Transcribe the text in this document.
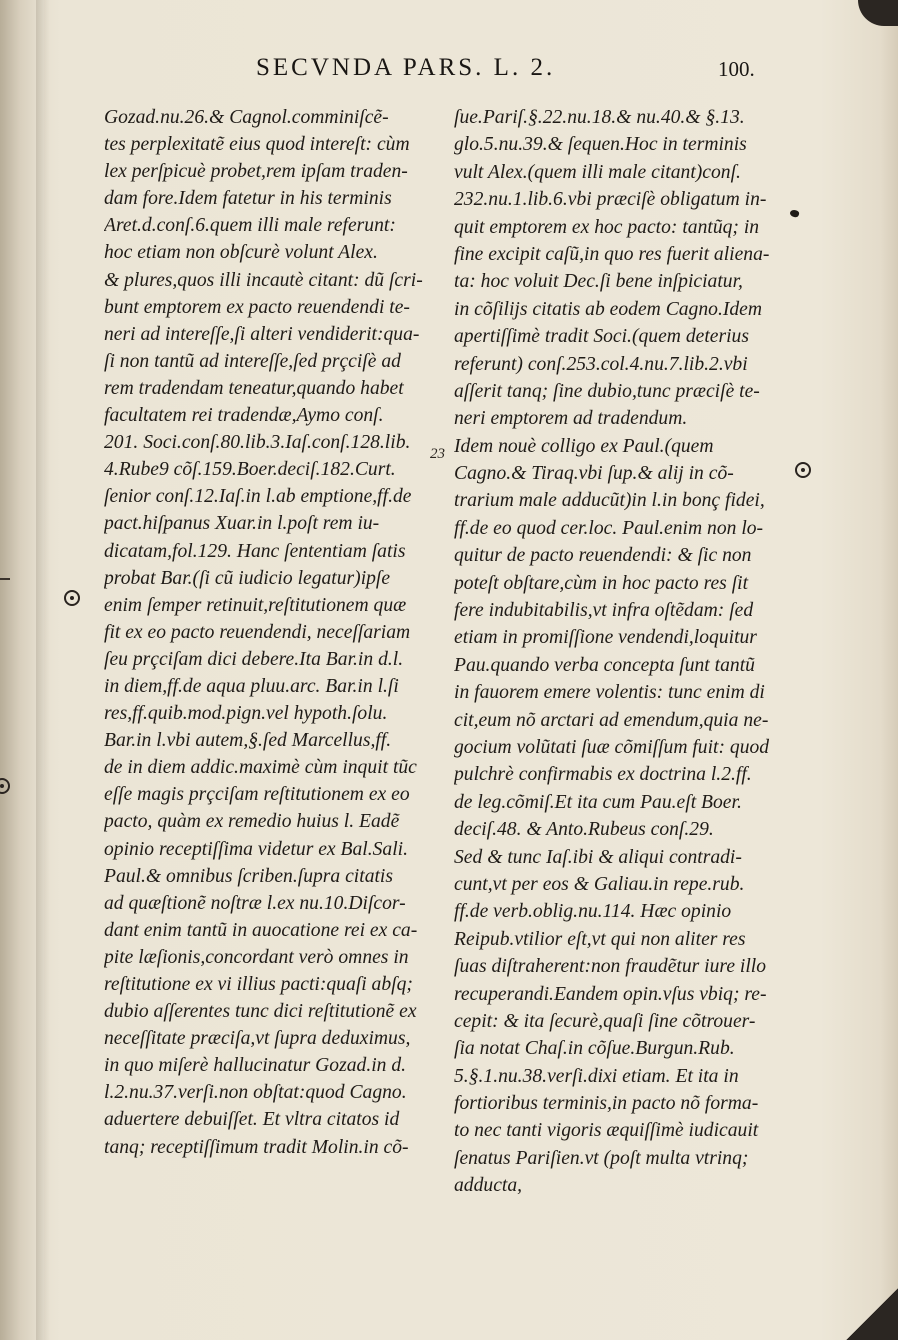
SECVNDA PARS. L. 2.	100.
Gozad.nu.26.& Cagnol.comminiſcẽ-
tes perplexitatẽ eius quod intereſt: cùm
lex perſpicuè probet,rem ipſam traden-
dam fore.Idem fatetur in his terminis
Aret.d.conſ.6.quem illi male referunt:
hoc etiam non obſcurè volunt Alex.
& plures,quos illi incautè citant: dũ ſcri-
bunt emptorem ex pacto reuendendi te-
neri ad intereſſe,ſi alteri vendiderit:qua-
ſi non tantũ ad intereſſe,ſed prçciſè ad
rem tradendam teneatur,quando habet
facultatem rei tradendæ,Aymo conſ.
201. Soci.conſ.80.lib.3.Iaſ.conſ.128.lib.
4.Rube9 cõſ.159.Boer.deciſ.182.Curt.
ſenior conſ.12.Iaſ.in l.ab emptione,ff.de
pact.hiſpanus Xuar.in l.poſt rem iu-
dicatam,fol.129. Hanc ſententiam ſatis
probat Bar.(ſi cũ iudicio legatur)ipſe
enim ſemper retinuit,reſtitutionem quæ
fit ex eo pacto reuendendi, neceſſariam
ſeu prçciſam dici debere.Ita Bar.in d.l.
in diem,ff.de aqua pluu.arc. Bar.in l.ſi
res,ff.quib.mod.pign.vel hypoth.ſolu.
Bar.in l.vbi autem,§.ſed Marcellus,ff.
de in diem addic.maximè cùm inquit tũc
eſſe magis prçciſam reſtitutionem ex eo
pacto, quàm ex remedio huius l. Eadẽ
opinio receptiſſima videtur ex Bal.Sali.
Paul.& omnibus ſcriben.ſupra citatis
ad quæſtionẽ noſtræ l.ex nu.10.Diſcor-
dant enim tantũ in auocatione rei ex ca-
pite læſionis,concordant verò omnes in
reſtitutione ex vi illius pacti:quaſi abſq;
dubio aſſerentes tunc dici reſtitutionẽ ex
neceſſitate præciſa,vt ſupra deduximus,
in quo miſerè hallucinatur Gozad.in d.
l.2.nu.37.verſi.non obſtat:quod Cagno.
aduertere debuiſſet. Et vltra citatos id
tanq; receptiſſimum tradit Molin.in cõ-
ſue.Pariſ.§.22.nu.18.& nu.40.& §.13.
glo.5.nu.39.& ſequen.Hoc in terminis
vult Alex.(quem illi male citant)conſ.
232.nu.1.lib.6.vbi præciſè obligatum in-
quit emptorem ex hoc pacto: tantũq; in
fine excipit caſũ,in quo res fuerit aliena-
ta: hoc voluit Dec.ſi bene inſpiciatur,
in cõſilijs citatis ab eodem Cagno.Idem
apertiſſimè tradit Soci.(quem deterius
referunt) conſ.253.col.4.nu.7.lib.2.vbi
aſſerit tanq; ſine dubio,tunc præciſè te-
neri emptorem ad tradendum.
Idem nouè colligo ex Paul.(quem
Cagno.& Tiraq.vbi ſup.& alij in cõ-
trarium male adducũt)in l.in bonç fidei,
ff.de eo quod cer.loc. Paul.enim non lo-
quitur de pacto reuendendi: & ſic non
poteſt obſtare,cùm in hoc pacto res ſit
fere indubitabilis,vt infra oſtẽdam: ſed
etiam in promiſſione vendendi,loquitur
Pau.quando verba concepta ſunt tantũ
in fauorem emere volentis: tunc enim di
cit,eum nõ arctari ad emendum,quia ne-
gocium volũtati ſuæ cõmiſſum fuit: quod
pulchrè confirmabis ex doctrina l.2.ff.
de leg.cõmiſ.Et ita cum Pau.eſt Boer.
deciſ.48. & Anto.Rubeus conſ.29.
Sed & tunc Iaſ.ibi & aliqui contradi-
cunt,vt per eos & Galiau.in repe.rub.
ff.de verb.oblig.nu.114. Hæc opinio
Reipub.vtilior eſt,vt qui non aliter res
ſuas diſtraherent:non fraudẽtur iure illo
recuperandi.Eandem opin.vſus vbiq; re-
cepit: & ita ſecurè,quaſi ſine cõtrouer-
ſia notat Chaſ.in cõſue.Burgun.Rub.
5.§.1.nu.38.verſi.dixi etiam. Et ita in
fortioribus terminis,in pacto nõ forma-
to nec tanti vigoris æquiſſimè iudicauit
ſenatus Pariſien.vt (poſt multa vtrinq;
adducta,
23
